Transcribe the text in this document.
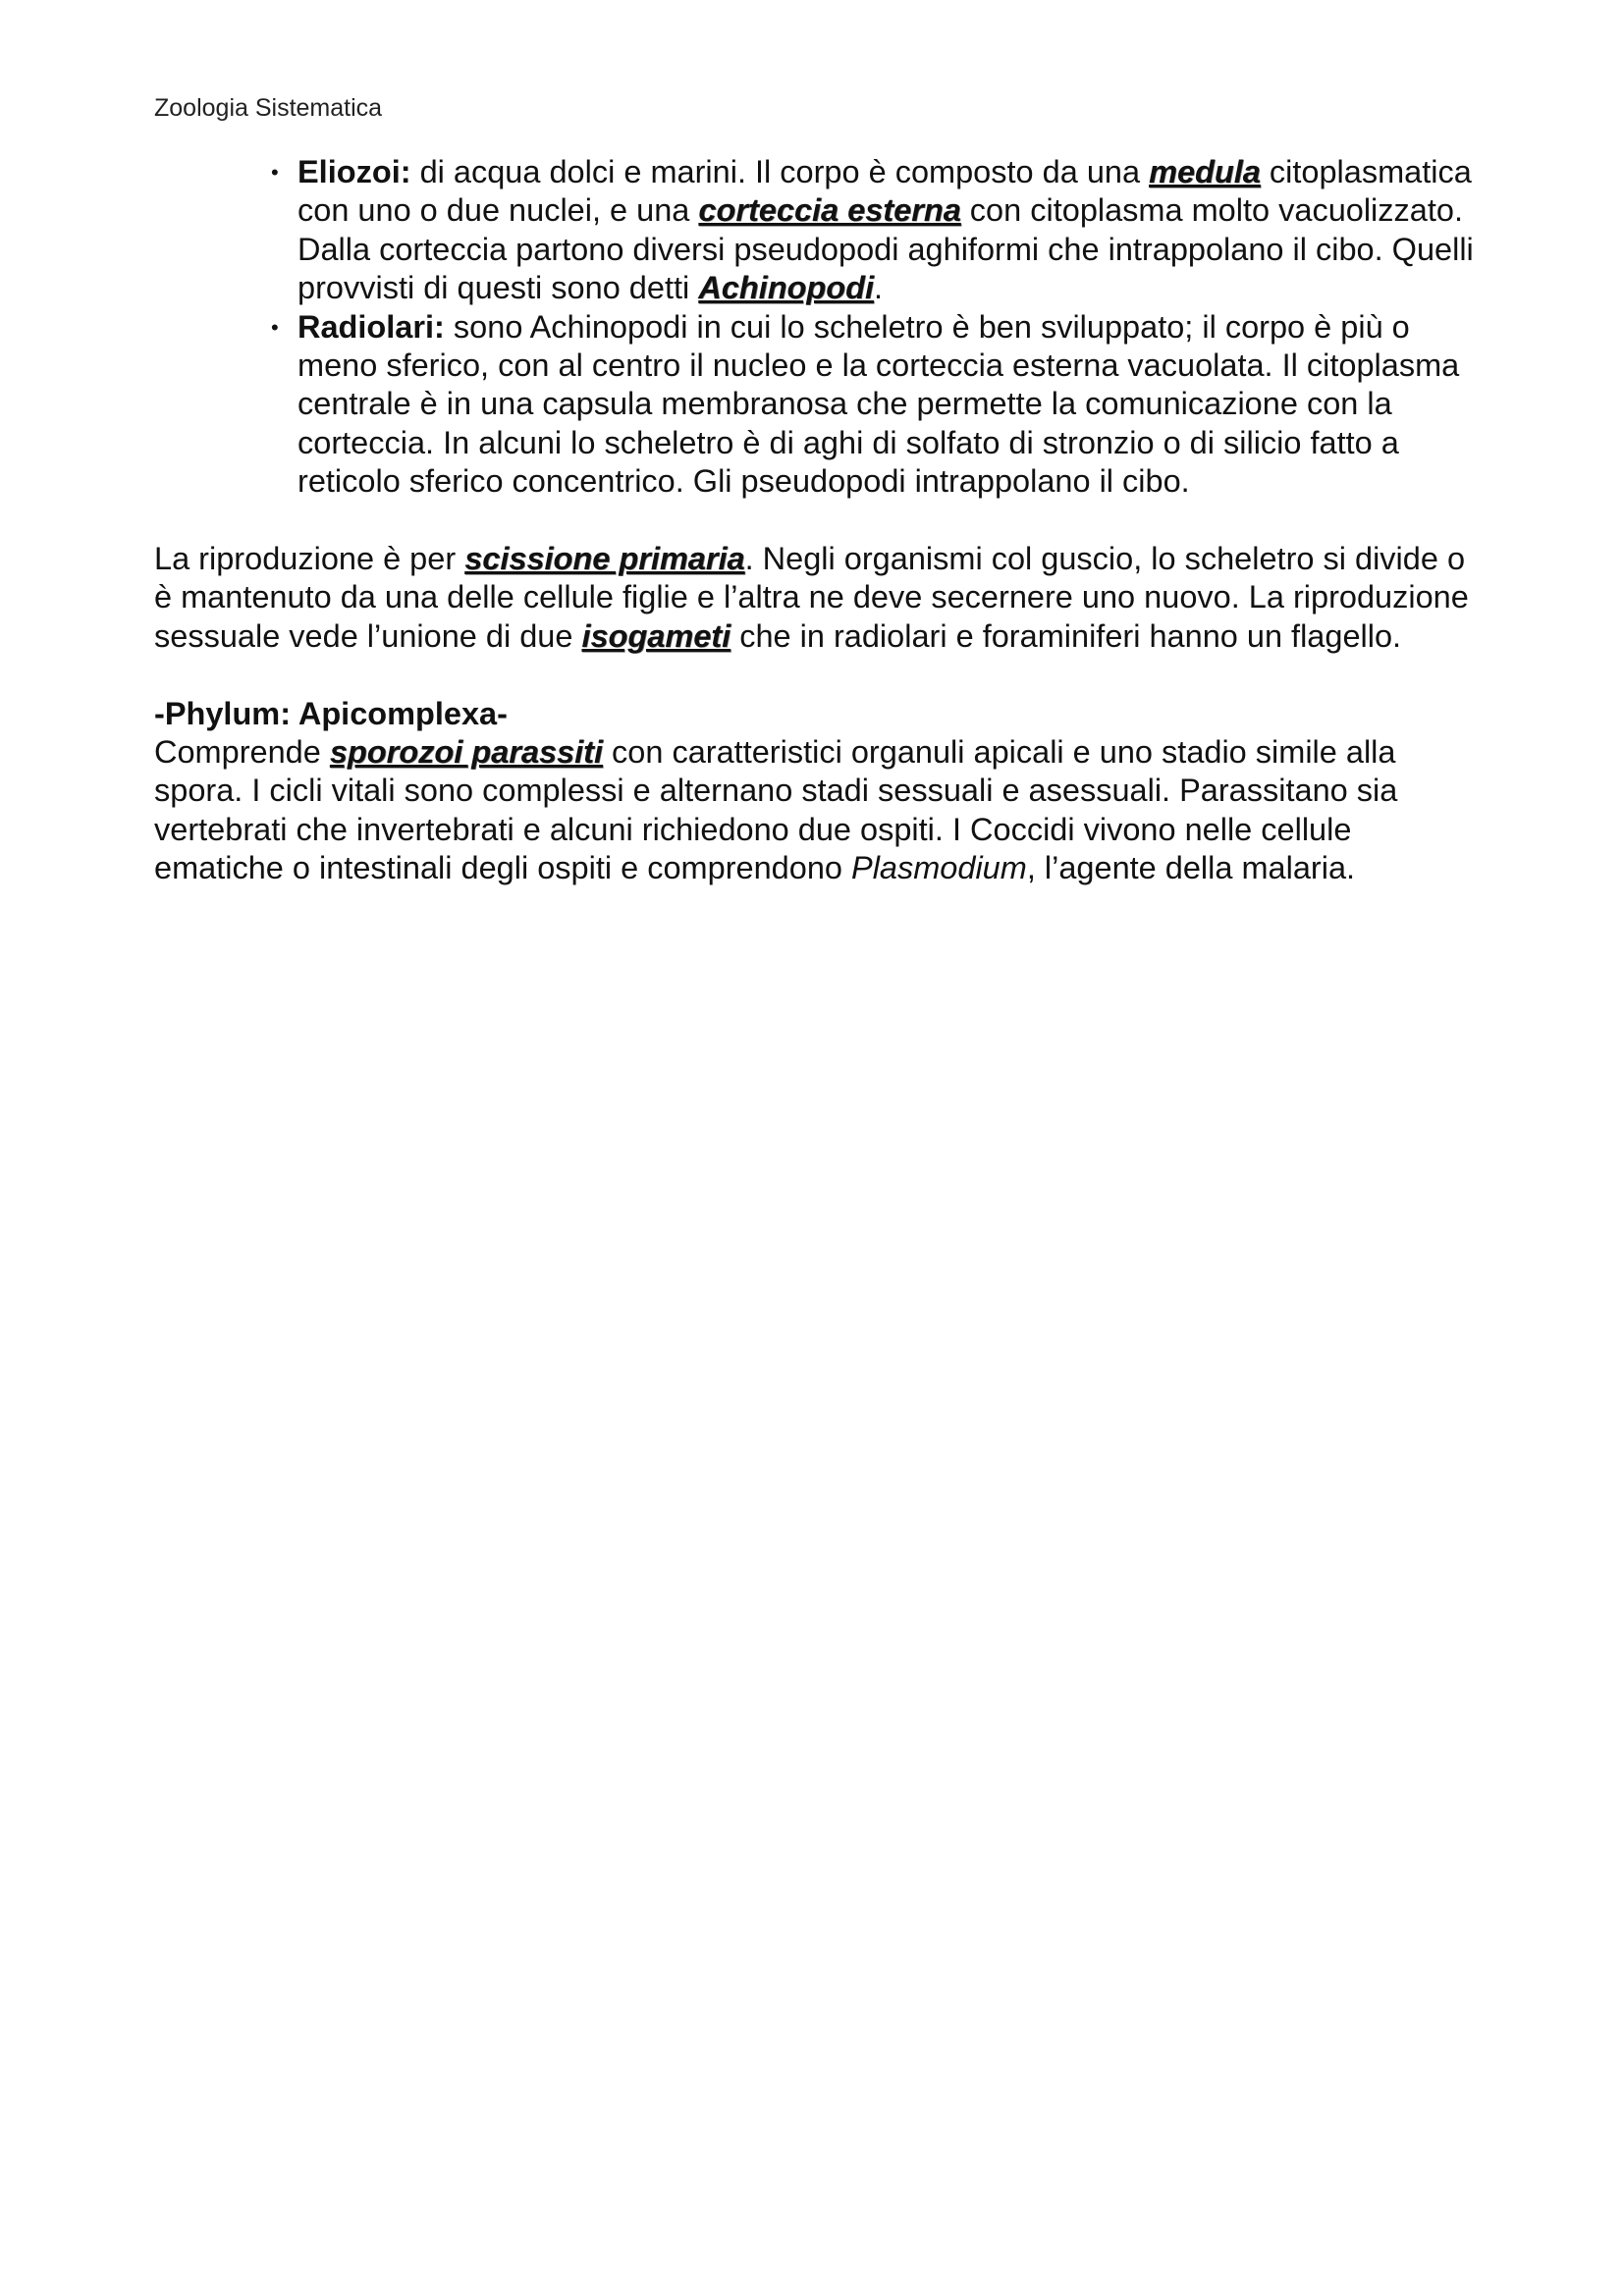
Zoologia Sistematica
• Eliozoi: di acqua dolci e marini. Il corpo è composto da una medula citoplasmatica con uno o due nuclei, e una corteccia esterna con citoplasma molto vacuolizzato. Dalla corteccia partono diversi pseudopodi aghiformi che intrappolano il cibo. Quelli provvisti di questi sono detti Achinopodi.
• Radiolari: sono Achinopodi in cui lo scheletro è ben sviluppato; il corpo è più o meno sferico, con al centro il nucleo e la corteccia esterna vacuolata. Il citoplasma centrale è in una capsula membranosa che permette la comunicazione con la corteccia. In alcuni lo scheletro è di aghi di solfato di stronzio o di silicio fatto a reticolo sferico concentrico. Gli pseudopodi intrappolano il cibo.

La riproduzione è per scissione primaria. Negli organismi col guscio, lo scheletro si divide o è mantenuto da una delle cellule figlie e l’altra ne deve secernere uno nuovo. La riproduzione sessuale vede l’unione di due isogameti che in radiolari e foraminiferi hanno un flagello.

-Phylum: Apicomplexa-

Comprende sporozoi parassiti con caratteristici organuli apicali e uno stadio simile alla spora. I cicli vitali sono complessi e alternano stadi sessuali e asessuali. Parassitano sia vertebrati che invertebrati e alcuni richiedono due ospiti. I Coccidi vivono nelle cellule ematiche o intestinali degli ospiti e comprendono Plasmodium, l’agente della malaria.
